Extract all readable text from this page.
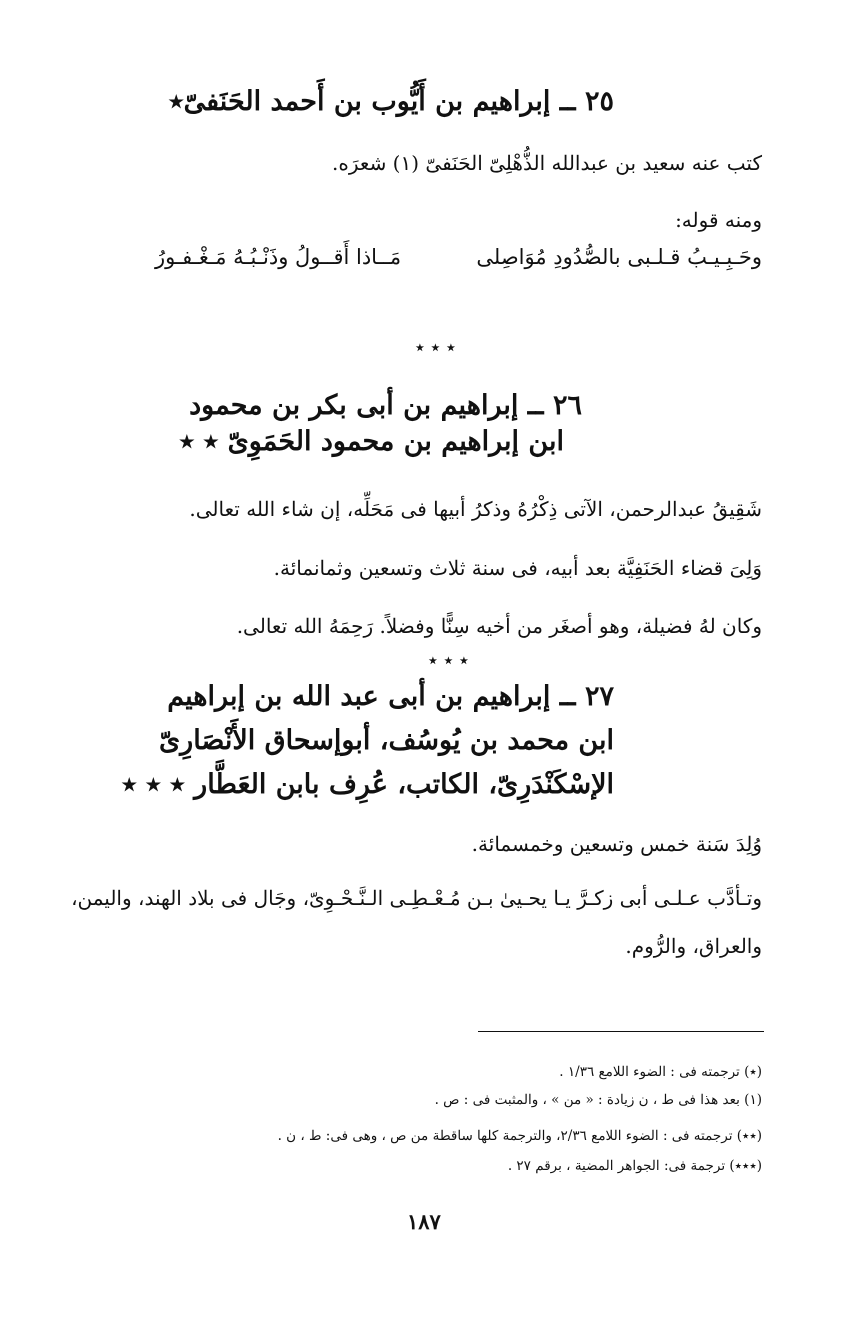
٢٥ ــ إبراهيم بن أَيُّوب بن أَحمد الحَنَفىّ٭
كتب عنه سعيد بن عبدالله الذُّهْلِىّ الحَنَفىّ (١) شعرَه.
ومنه قوله:
وحَـبِـيـبُ قـلـبى بالصُّدُودِ مُوَاصِلى
مَــاذا أَقــولُ وذَنْـبُـهُ مَـغْـفـورُ
٭ ٭ ٭
٢٦ ــ إبراهيم بن أبى بكر بن محمود
ابن إبراهيم بن محمود الحَمَوِىّ ٭ ٭
شَقِيقُ عبدالرحمن، الآتى ذِكْرُهُ وذكرُ أبيها فى مَحَلِّه، إن شاء الله تعالى.
وَلِىَ قضاء الحَنَفِيَّة بعد أبيه، فى سنة ثلاث وتسعين وثمانمائة.
وكان لهُ فضيلة، وهو أصغَر من أخيه سِنًّا وفضلاً. رَحِمَهُ الله تعالى.
٭ ٭ ٭
٢٧ ــ إبراهيم بن أبى عبد الله بن إبراهيم
ابن محمد بن يُوسُف، أبوإسحاق الأَنْصَارِىّ
الإسْكَنْدَرِىّ، الكاتب، عُرِف بابن العَطَّار ٭ ٭ ٭
وُلِدَ سَنة خمس وتسعين وخمسمائة.
وتـأدَّب عـلـى أبى زكـرَّ يـا يحـيىٰ بـن مُـعْـطِـى الـنَّـحْـوِىّ، وجَال فى بلاد الهند، واليمن،
والعراق، والرُّوم.
(٭) ترجمته فى : الضوء اللامع ١/٣٦ .
(١) بعد هذا فى ط ، ن زيادة : « من » ، والمثبت فى : ص .
(٭٭) ترجمته فى : الضوء اللامع ٢/٣٦، والترجمة كلها ساقطة من ص ، وهى فى: ط ، ن .
(٭٭٭) ترجمة فى: الجواهر المضية ، برقم ٢٧ .
١٨٧
